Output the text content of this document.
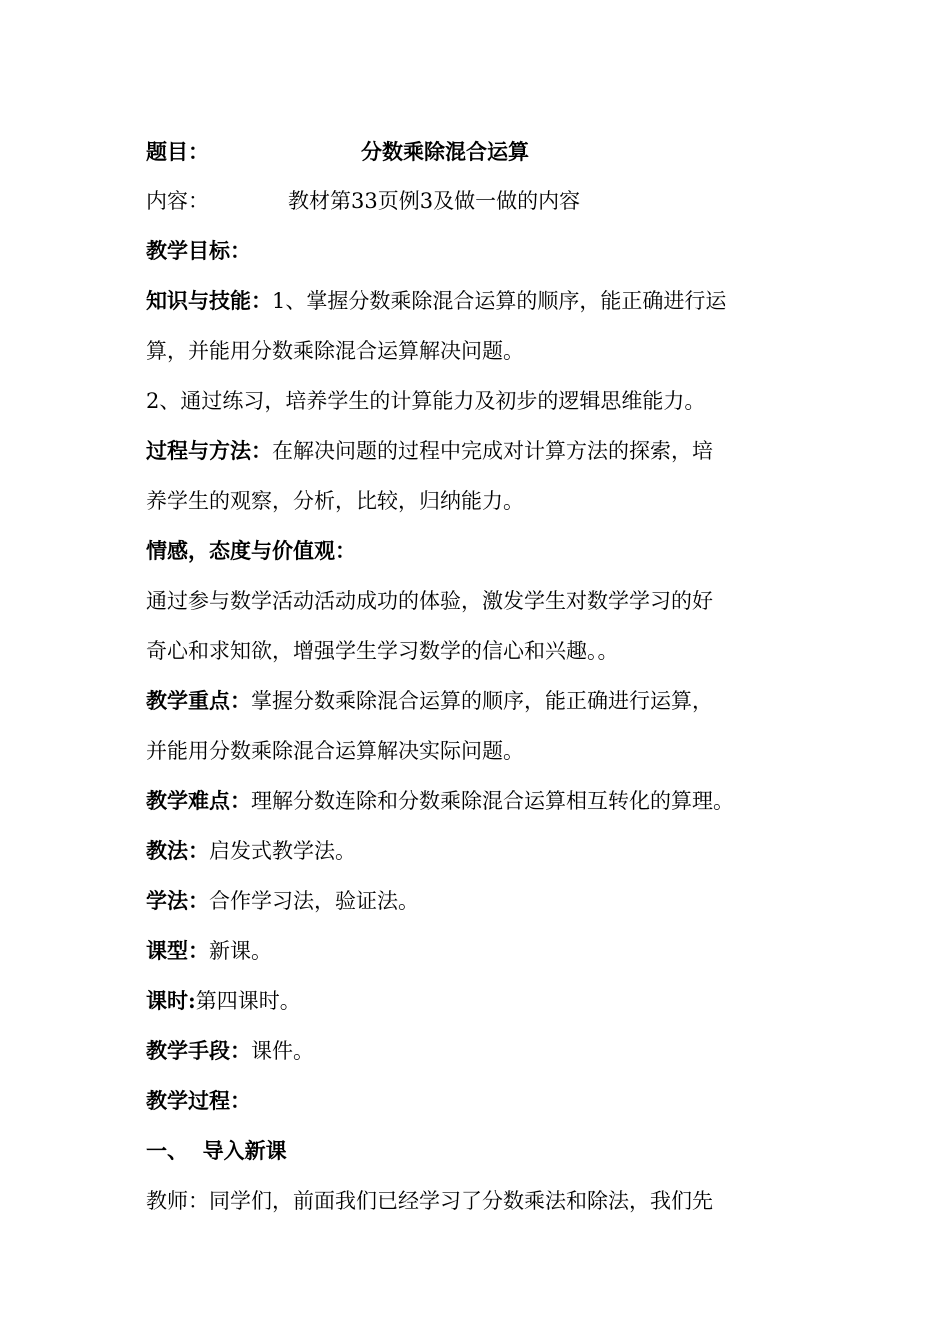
题目：	分数乘除混合运算
内容：	教材第33页例3及做一做的内容
教学目标：
知识与技能：1、掌握分数乘除混合运算的顺序，能正确进行运
算，并能用分数乘除混合运算解决问题。
2、通过练习，培养学生的计算能力及初步的逻辑思维能力。
过程与方法：在解决问题的过程中完成对计算方法的探索，培
养学生的观察，分析，比较，归纳能力。
情感，态度与价值观：
通过参与数学活动活动成功的体验，激发学生对数学学习的好
奇心和求知欲，增强学生学习数学的信心和兴趣。。
教学重点：掌握分数乘除混合运算的顺序，能正确进行运算，
并能用分数乘除混合运算解决实际问题。
教学难点：理解分数连除和分数乘除混合运算相互转化的算理。
教法：启发式教学法。
学法：合作学习法，验证法。
课型：新课。
课时:第四课时。
教学手段：课件。
教学过程：
一、 导入新课
教师：同学们，前面我们已经学习了分数乘法和除法，我们先
